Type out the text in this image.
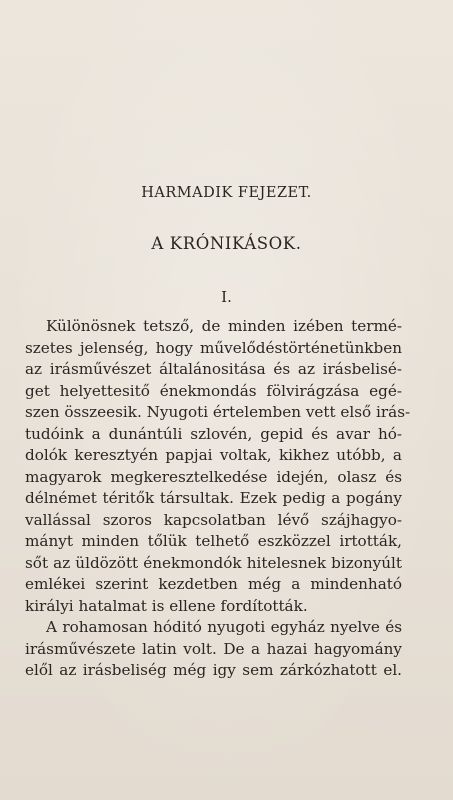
HARMADIK FEJEZET.
A KRÓNIKÁSOK.
I.
Különösnek tetsző, de minden izében termé-
szetes jelenség, hogy művelődéstörténetünkben
az irásművészet általánositása és az irásbelisé-
get helyettesitő énekmondás fölvirágzása egé-
szen összeesik. Nyugoti értelemben vett első irás-
tudóink a dunántúli szlovén, gepid és avar hó-
dolók keresztyén papjai voltak, kikhez utóbb, a
magyarok megkeresztelkedése idején, olasz és
délnémet téritők társultak. Ezek pedig a pogány
vallással szoros kapcsolatban lévő szájhagyo-
mányt minden tőlük telhető eszközzel irtották,
sőt az üldözött énekmondók hitelesnek bizonyúlt
emlékei szerint kezdetben még a mindenható
királyi hatalmat is ellene fordították.
A rohamosan hóditó nyugoti egyház nyelve és
irásművészete latin volt. De a hazai hagyomány
elől az irásbeliség még igy sem zárkózhatott el.
